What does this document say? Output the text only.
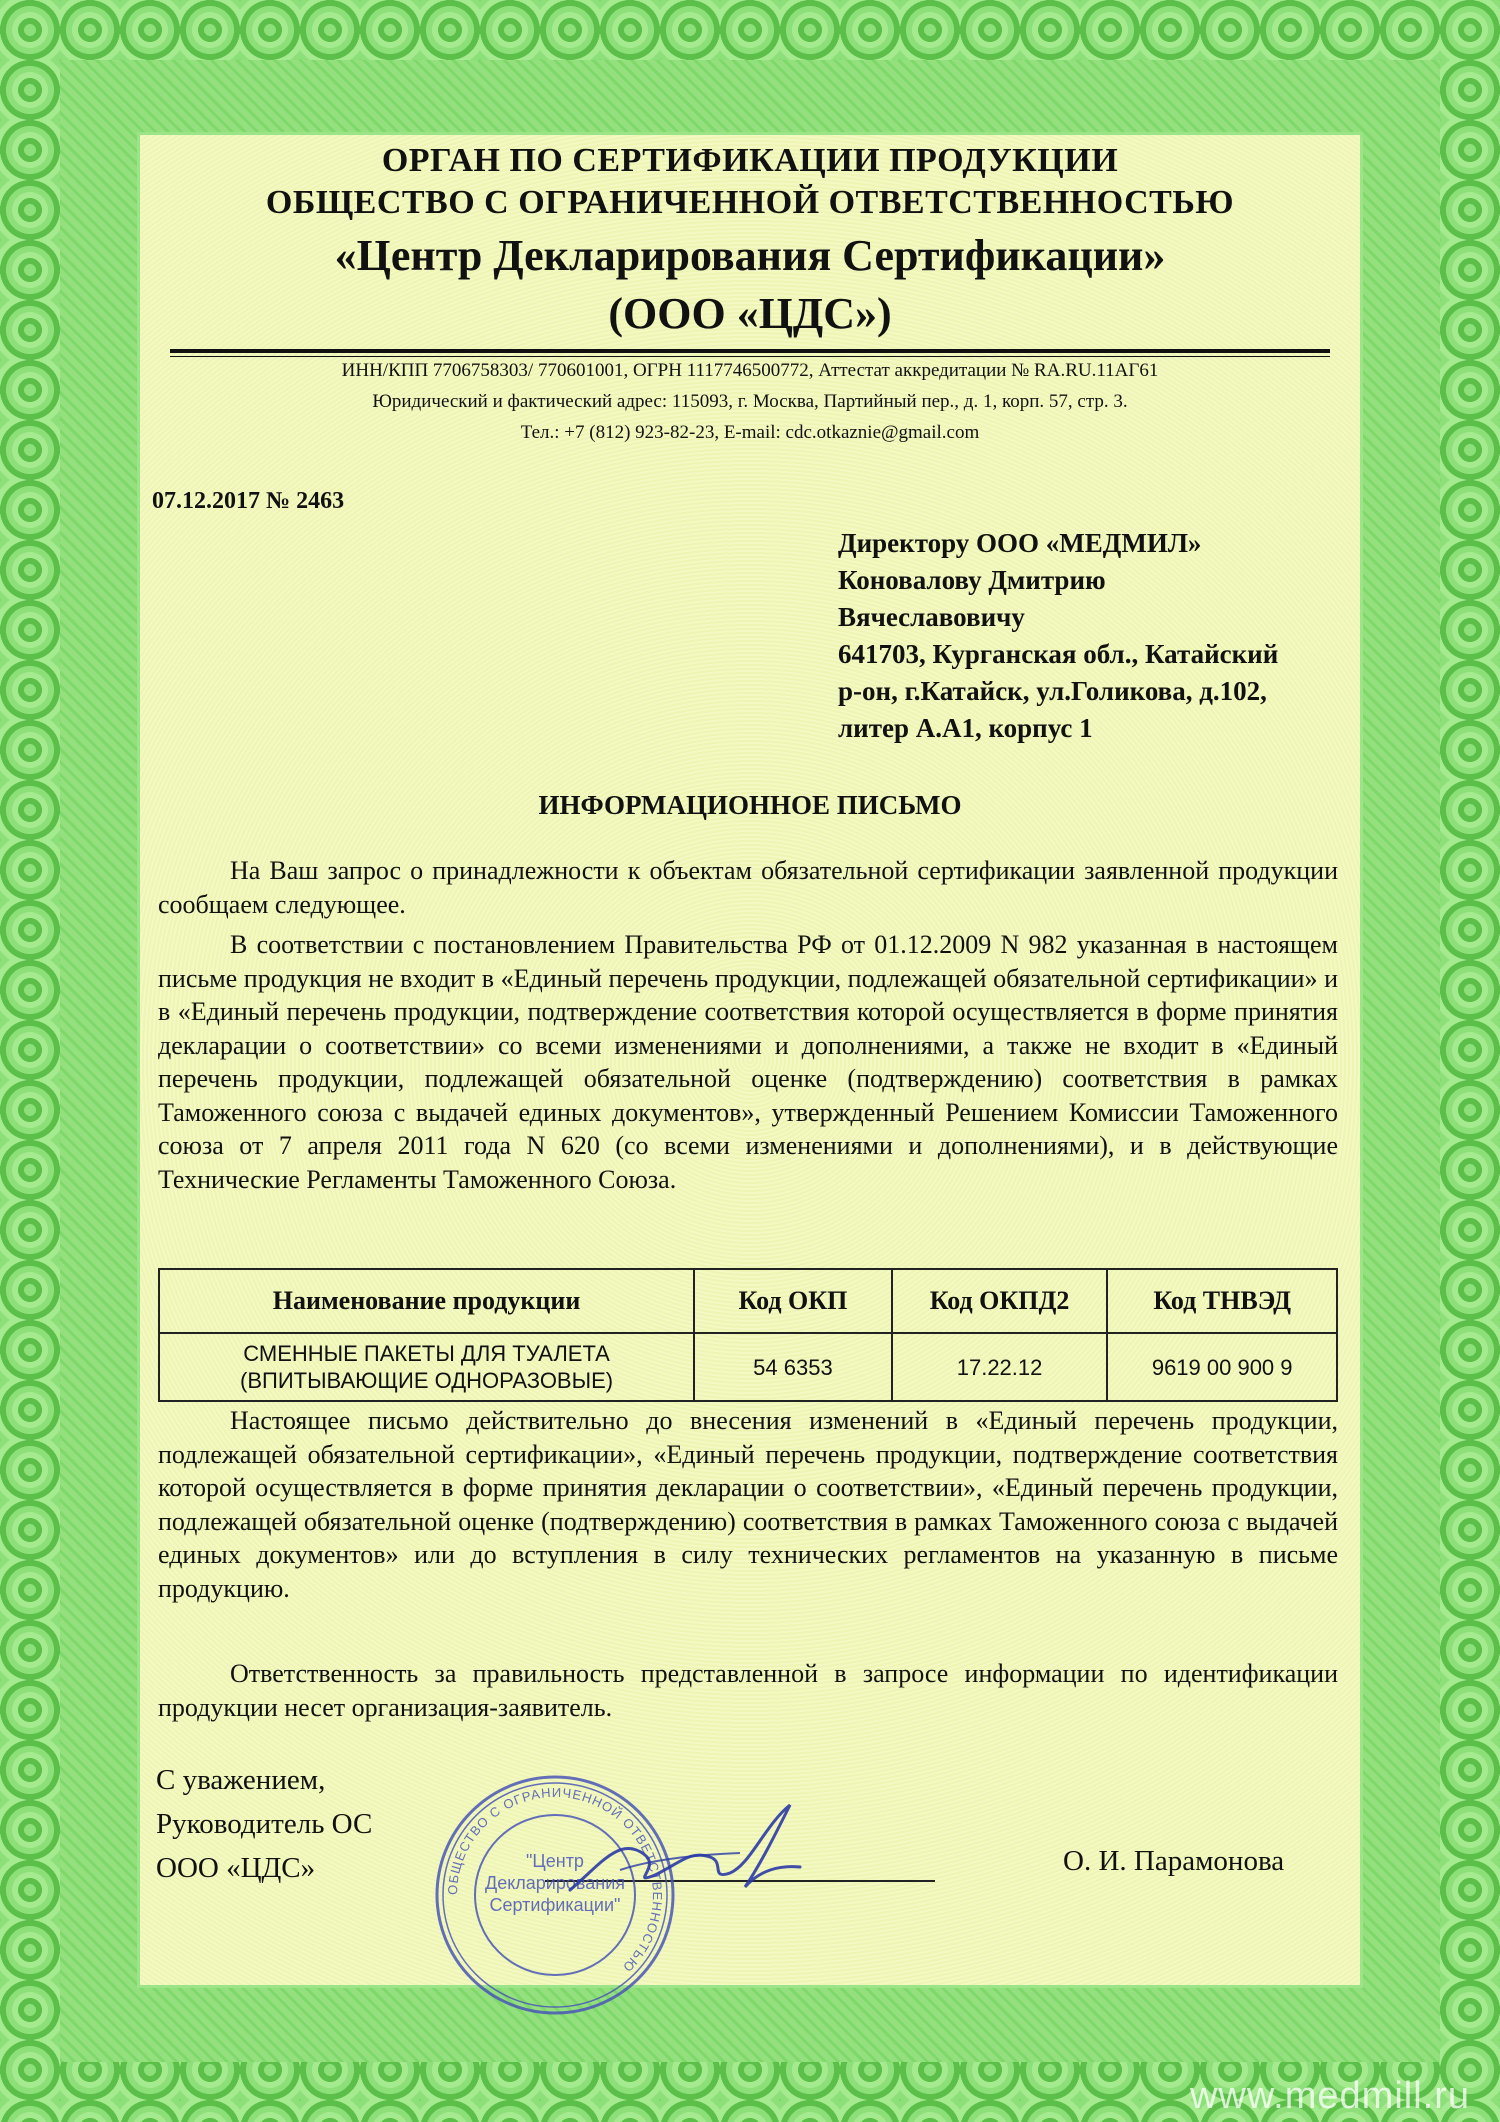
ОРГАН ПО СЕРТИФИКАЦИИ ПРОДУКЦИИ
ОБЩЕСТВО С ОГРАНИЧЕННОЙ ОТВЕТСТВЕННОСТЬЮ
«Центр Декларирования Сертификации»
(ООО «ЦДС»)
ИНН/КПП 7706758303/ 770601001, ОГРН 1117746500772, Аттестат аккредитации № RA.RU.11АГ61
Юридический и фактический адрес: 115093, г. Москва, Партийный пер., д. 1, корп. 57, стр. 3.
Тел.: +7 (812) 923-82-23, E-mail: cdc.otkaznie@gmail.com
07.12.2017 № 2463
Директору ООО «МЕДМИЛ»
Коновалову Дмитрию
Вячеславовичу
641703, Курганская обл., Катайский
р-он, г.Катайск, ул.Голикова, д.102,
литер А.А1, корпус 1
ИНФОРМАЦИОННОЕ ПИСЬМО

На Ваш запрос о принадлежности к объектам обязательной сертификации заявленной продукции сообщаем следующее.

В соответствии с постановлением Правительства РФ от 01.12.2009 N 982 указанная в настоящем письме продукция не входит в «Единый перечень продукции, подлежащей обязательной сертификации» и в «Единый перечень продукции, подтверждение соответствия которой осуществляется в форме принятия декларации о соответствии» со всеми изменениями и дополнениями, а также не входит в «Единый перечень продукции, подлежащей обязательной оценке (подтверждению) соответствия в рамках Таможенного союза с выдачей единых документов», утвержденный Решением Комиссии Таможенного союза от 7 апреля 2011 года N 620 (со всеми изменениями и дополнениями), и в действующие Технические Регламенты Таможенного Союза.

Наименование продукции	Код ОКП	Код ОКПД2	Код ТНВЭД
СМЕННЫЕ ПАКЕТЫ ДЛЯ ТУАЛЕТА (ВПИТЫВАЮЩИЕ ОДНОРАЗОВЫЕ)	54 6353	17.22.12	9619 00 900 9

Настоящее письмо действительно до внесения изменений в «Единый перечень продукции, подлежащей обязательной сертификации», «Единый перечень продукции, подтверждение соответствия которой осуществляется в форме принятия декларации о соответствии», «Единый перечень продукции, подлежащей обязательной оценке (подтверждению) соответствия в рамках Таможенного союза с выдачей единых документов» или до вступления в силу технических регламентов на указанную в письме продукцию.

Ответственность за правильность представленной в запросе информации по идентификации продукции несет организация-заявитель.

С уважением,
Руководитель ОС
ООО «ЦДС»	О. И. Парамонова
ОБЩЕСТВО С ОГРАНИЧЕННОЙ ОТВЕТСТВЕННОСТЬЮ
"Центр Декларирования Сертификации"
www.medmill.ru
